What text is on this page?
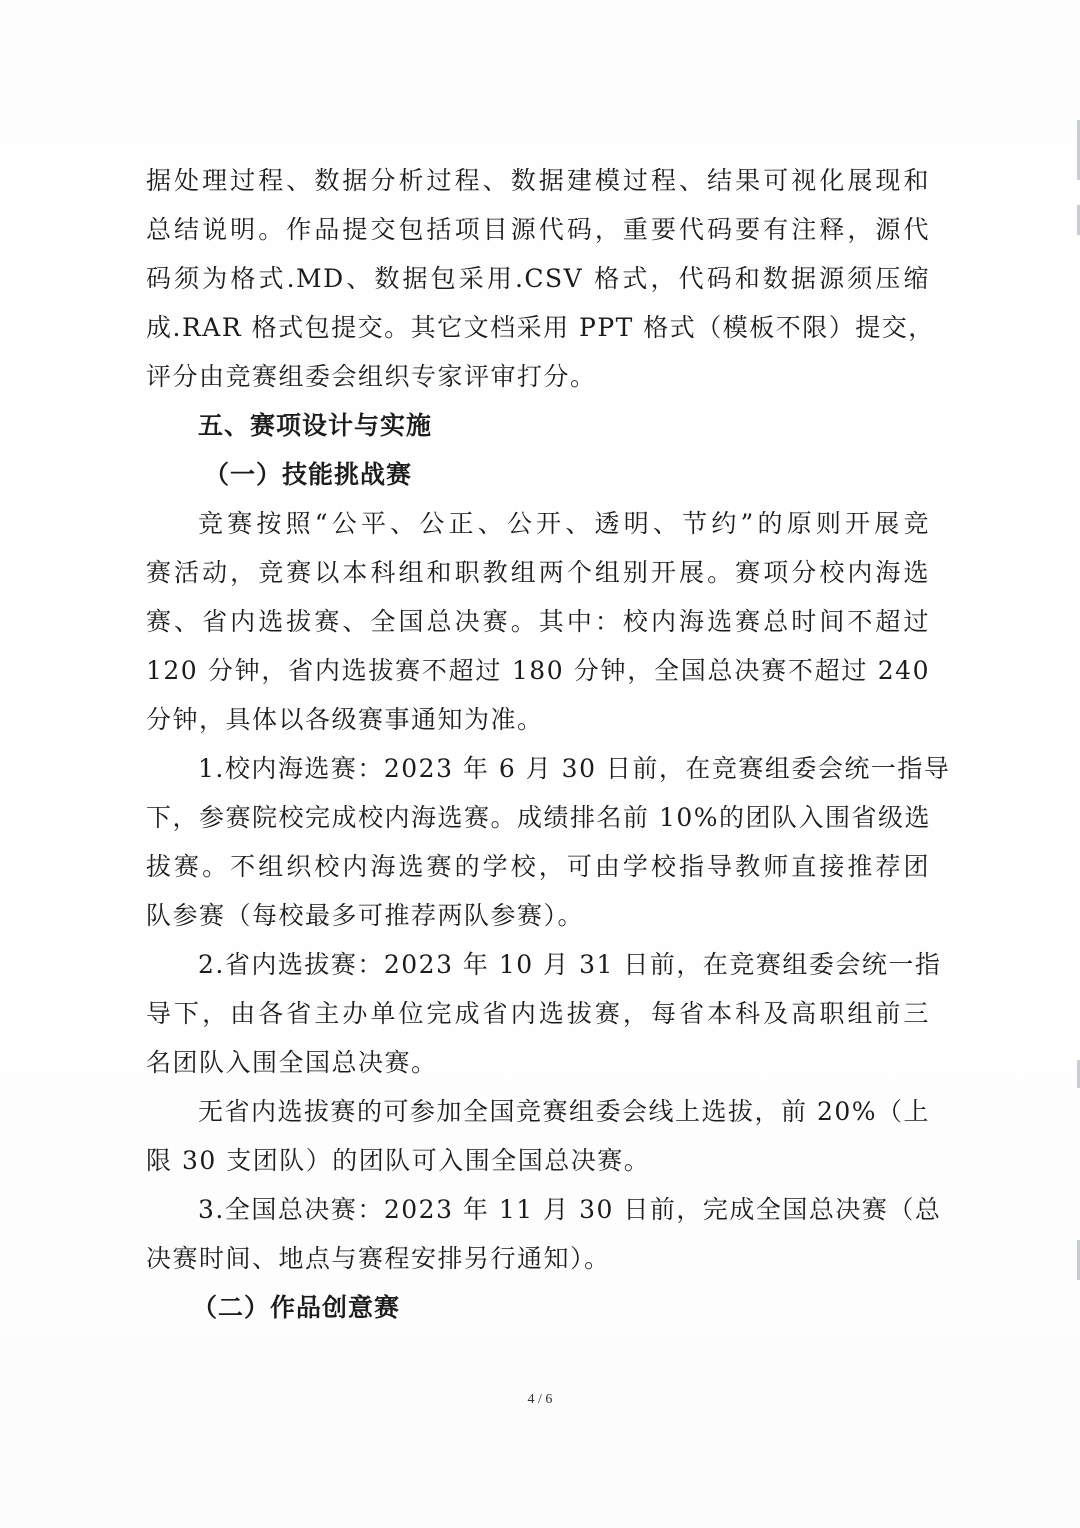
据处理过程、数据分析过程、数据建模过程、结果可视化展现和
总结说明。作品提交包括项目源代码，重要代码要有注释，源代
码须为格式.MD、数据包采用.CSV 格式，代码和数据源须压缩
成.RAR 格式包提交。其它文档采用 PPT 格式（模板不限）提交，
评分由竞赛组委会组织专家评审打分。
五、赛项设计与实施
（一）技能挑战赛
竞赛按照“公平、公正、公开、透明、节约”的原则开展竞
赛活动，竞赛以本科组和职教组两个组别开展。赛项分校内海选
赛、省内选拔赛、全国总决赛。其中：校内海选赛总时间不超过
120 分钟，省内选拔赛不超过 180 分钟，全国总决赛不超过 240
分钟，具体以各级赛事通知为准。
1.校内海选赛：2023 年 6 月 30 日前，在竞赛组委会统一指导
下，参赛院校完成校内海选赛。成绩排名前 10%的团队入围省级选
拔赛。不组织校内海选赛的学校，可由学校指导教师直接推荐团
队参赛（每校最多可推荐两队参赛）。
2.省内选拔赛：2023 年 10 月 31 日前，在竞赛组委会统一指
导下，由各省主办单位完成省内选拔赛，每省本科及高职组前三
名团队入围全国总决赛。
无省内选拔赛的可参加全国竞赛组委会线上选拔，前 20%（上
限 30 支团队）的团队可入围全国总决赛。
3.全国总决赛：2023 年 11 月 30 日前，完成全国总决赛（总
决赛时间、地点与赛程安排另行通知）。
（二）作品创意赛
4 / 6
